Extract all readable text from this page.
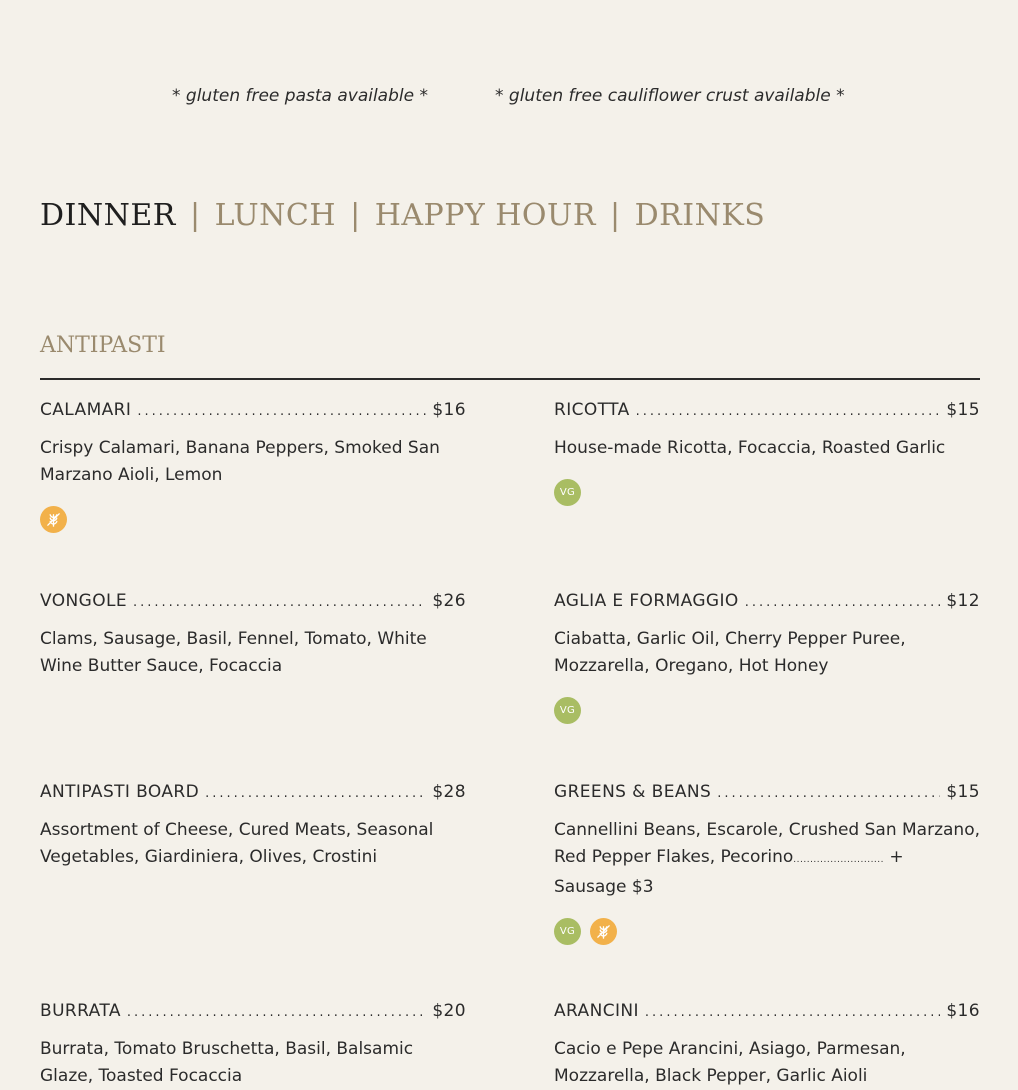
* gluten free pasta available *	* gluten free cauliflower crust available *
DINNER | LUNCH | HAPPY HOUR | DRINKS
ANTIPASTI
CALAMARI .....	$16
Crispy Calamari, Banana Peppers, Smoked San Marzano Aioli, Lemon
RICOTTA .....	$15
House-made Ricotta, Focaccia, Roasted Garlic
VG
VONGOLE .....	$26
Clams, Sausage, Basil, Fennel, Tomato, White Wine Butter Sauce, Focaccia
AGLIA E FORMAGGIO .....	$12
Ciabatta, Garlic Oil, Cherry Pepper Puree, Mozzarella, Oregano, Hot Honey
VG
ANTIPASTI BOARD .....	$28
Assortment of Cheese, Cured Meats, Seasonal Vegetables, Giardiniera, Olives, Crostini
GREENS & BEANS .....	$15
Cannellini Beans, Escarole, Crushed San Marzano, Red Pepper Flakes, Pecorino........................... + Sausage $3
VG
BURRATA .....	$20
Burrata, Tomato Bruschetta, Basil, Balsamic Glaze, Toasted Focaccia
ARANCINI .....	$16
Cacio e Pepe Arancini, Asiago, Parmesan, Mozzarella, Black Pepper, Garlic Aioli
